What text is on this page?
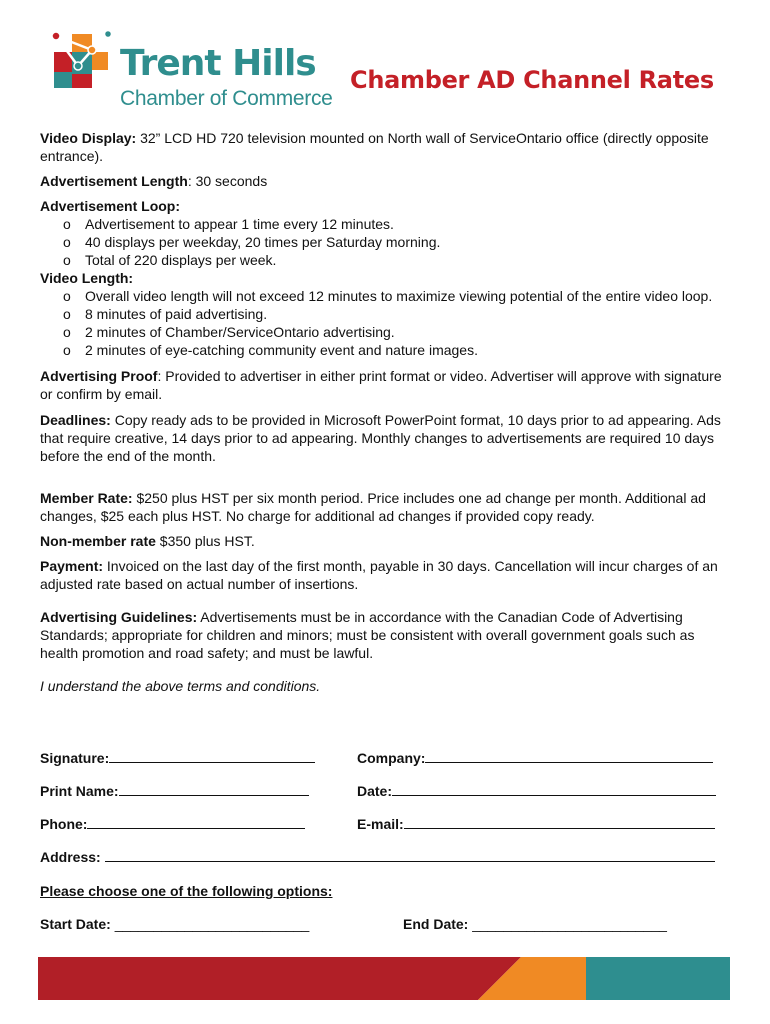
Trent Hills
Chamber of Commerce
Chamber AD Channel Rates

Video Display: 32” LCD HD 720 television mounted on North wall of ServiceOntario office (directly opposite entrance).

Advertisement Length: 30 seconds

Advertisement Loop:

o Advertisement to appear 1 time every 12 minutes.
o 40 displays per weekday, 20 times per Saturday morning.
o Total of 220 displays per week.

Video Length:

o Overall video length will not exceed 12 minutes to maximize viewing potential of the entire video loop.
o 8 minutes of paid advertising.
o 2 minutes of Chamber/ServiceOntario advertising.
o 2 minutes of eye-catching community event and nature images.

Advertising Proof: Provided to advertiser in either print format or video. Advertiser will approve with signature or confirm by email.

Deadlines: Copy ready ads to be provided in Microsoft PowerPoint format, 10 days prior to ad appearing. Ads that require creative, 14 days prior to ad appearing. Monthly changes to advertisements are required 10 days before the end of the month.

Member Rate: $250 plus HST per six month period. Price includes one ad change per month. Additional ad changes, $25 each plus HST. No charge for additional ad changes if provided copy ready.

Non-member rate $350 plus HST.

Payment: Invoiced on the last day of the first month, payable in 30 days. Cancellation will incur charges of an adjusted rate based on actual number of insertions.

Advertising Guidelines: Advertisements must be in accordance with the Canadian Code of Advertising Standards; appropriate for children and minors; must be consistent with overall government goals such as health promotion and road safety; and must be lawful.

I understand the above terms and conditions.

Signature:	Company:
Print Name:	Date:
Phone:	E-mail:
Address:
Please choose one of the following options:
Start Date: _________________________	End Date: _________________________
